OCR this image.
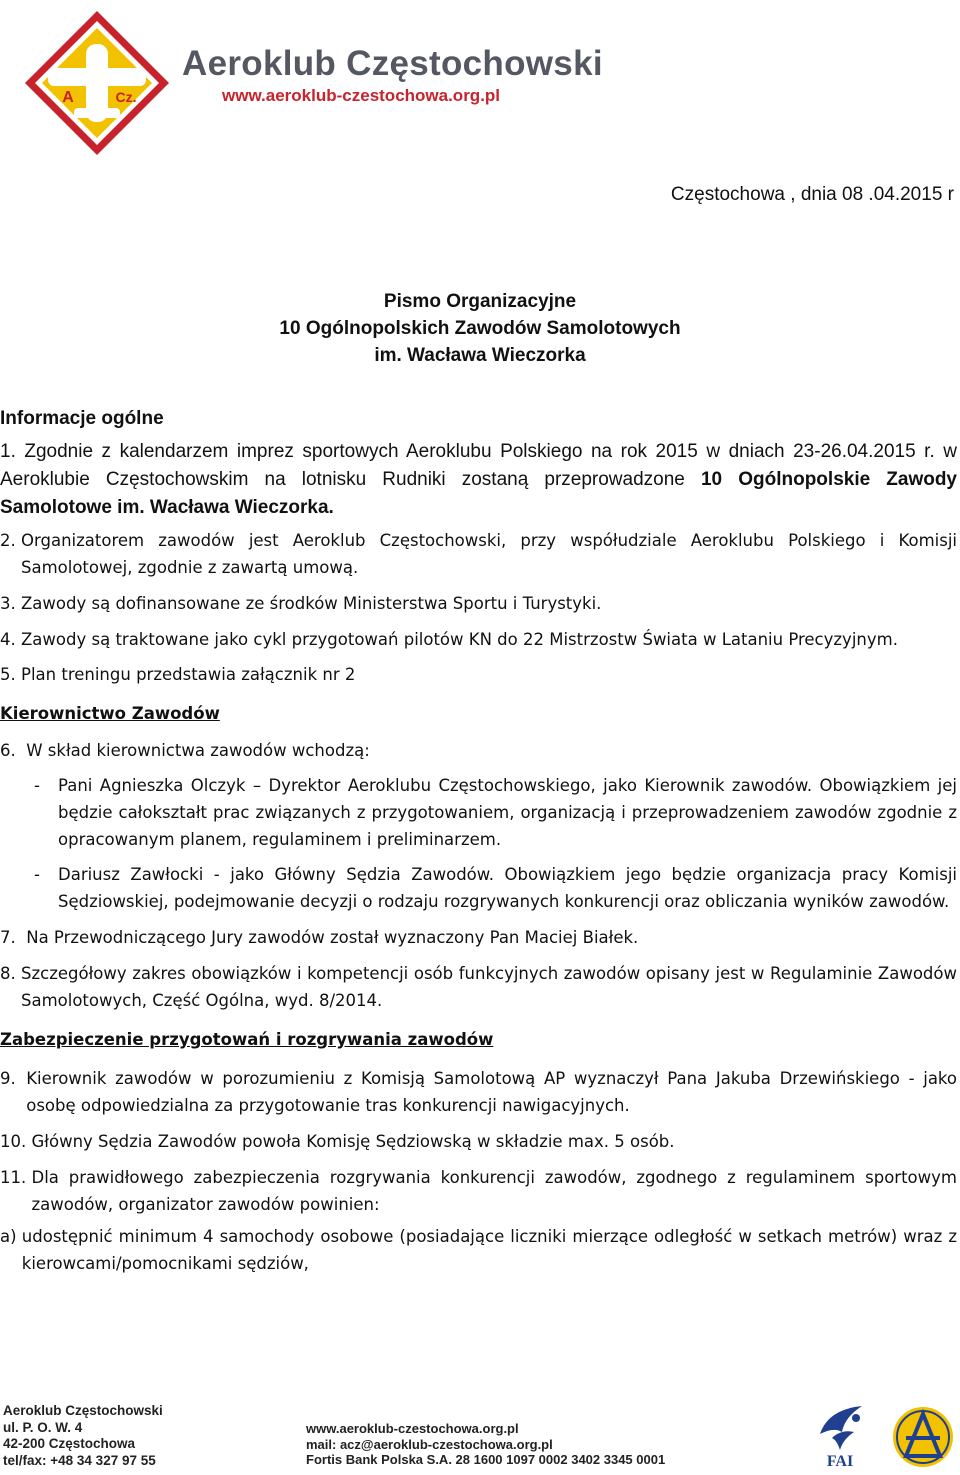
A	Cz.
Aeroklub Częstochowski
www.aeroklub-czestochowa.org.pl
Częstochowa , dnia 08 .04.2015 r
Pismo Organizacyjne
10 Ogólnopolskich Zawodów Samolotowych
im. Wacława Wieczorka

Informacje ogólne

1. Zgodnie z kalendarzem imprez sportowych Aeroklubu Polskiego na rok 2015 w dniach 23-26.04.2015 r. w Aeroklubie Częstochowskim na lotnisku Rudniki zostaną przeprowadzone 10 Ogólnopolskie Zawody Samolotowe im. Wacława Wieczorka.

2. Organizatorem zawodów jest Aeroklub Częstochowski, przy współudziale Aeroklubu Polskiego i Komisji Samolotowej, zgodnie z zawartą umową.
3. Zawody są dofinansowane ze środków Ministerstwa Sportu i Turystyki.
4. Zawody są traktowane jako cykl przygotowań pilotów KN do 22 Mistrzostw Świata w Lataniu Precyzyjnym.
5. Plan treningu przedstawia załącznik nr 2

Kierownictwo Zawodów

6. W skład kierownictwa zawodów wchodzą:
- Pani Agnieszka Olczyk – Dyrektor Aeroklubu Częstochowskiego, jako Kierownik zawodów. Obowiązkiem jej będzie całokształt prac związanych z przygotowaniem, organizacją i przeprowadzeniem zawodów zgodnie z opracowanym planem, regulaminem i preliminarzem.
- Dariusz Zawłocki - jako Główny Sędzia Zawodów. Obowiązkiem jego będzie organizacja pracy Komisji Sędziowskiej, podejmowanie decyzji o rodzaju rozgrywanych konkurencji oraz obliczania wyników zawodów.
7. Na Przewodniczącego Jury zawodów został wyznaczony Pan Maciej Białek.
8. Szczegółowy zakres obowiązków i kompetencji osób funkcyjnych zawodów opisany jest w Regulaminie Zawodów Samolotowych, Część Ogólna, wyd. 8/2014.

Zabezpieczenie przygotowań i rozgrywania zawodów

9. Kierownik zawodów w porozumieniu z Komisją Samolotową AP wyznaczył Pana Jakuba Drzewińskiego - jako osobę odpowiedzialna za przygotowanie tras konkurencji nawigacyjnych.
10. Główny Sędzia Zawodów powoła Komisję Sędziowską w składzie max. 5 osób.
11. Dla prawidłowego zabezpieczenia rozgrywania konkurencji zawodów, zgodnego z regulaminem sportowym zawodów, organizator zawodów powinien:
a) udostępnić minimum 4 samochody osobowe (posiadające liczniki mierzące odległość w setkach metrów) wraz z kierowcami/pomocnikami sędziów,
Aeroklub Częstochowski
ul. P. O. W. 4
42-200 Częstochowa
tel/fax: +48 34 327 97 55
www.aeroklub-czestochowa.org.pl
mail: acz@aeroklub-czestochowa.org.pl
Fortis Bank Polska S.A. 28 1600 1097 0002 3402 3345 0001	FAI
